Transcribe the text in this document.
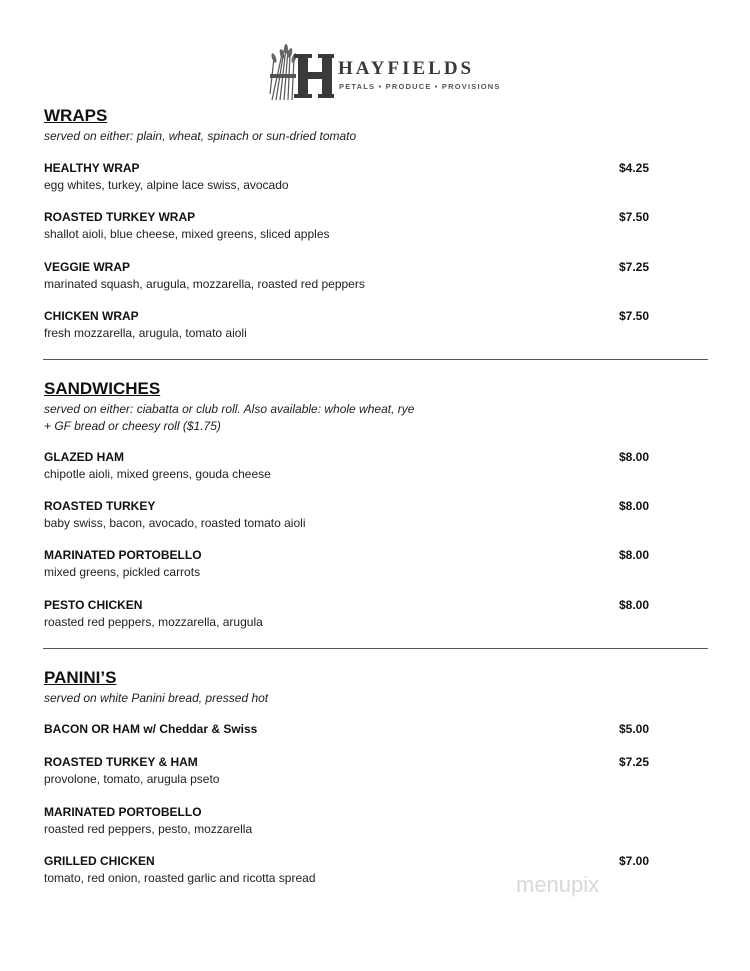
HAYFIELDS
PETALS • PRODUCE • PROVISIONS
WRAPS
served on either: plain, wheat, spinach or sun-dried tomato
HEALTHY WRAP
egg whites, turkey, alpine lace swiss, avocado
$4.25
ROASTED TURKEY WRAP
shallot aioli, blue cheese, mixed greens, sliced apples
$7.50
VEGGIE WRAP
marinated squash, arugula, mozzarella, roasted red peppers
$7.25
CHICKEN WRAP
fresh mozzarella, arugula, tomato aioli
$7.50
SANDWICHES
served on either: ciabatta or club roll. Also available: whole wheat, rye
+ GF bread or cheesy roll ($1.75)
GLAZED HAM
chipotle aioli, mixed greens, gouda cheese
$8.00
ROASTED TURKEY
baby swiss, bacon, avocado, roasted tomato aioli
$8.00
MARINATED PORTOBELLO
mixed greens, pickled carrots
$8.00
PESTO CHICKEN
roasted red peppers, mozzarella, arugula
$8.00
PANINI’S
served on white Panini bread, pressed hot
BACON OR HAM w/ Cheddar & Swiss	$5.00
ROASTED TURKEY & HAM
provolone, tomato, arugula pseto
$7.25
MARINATED PORTOBELLO
roasted red peppers, pesto, mozzarella
GRILLED CHICKEN
tomato, red onion, roasted garlic and ricotta spread
$7.00
menupix
